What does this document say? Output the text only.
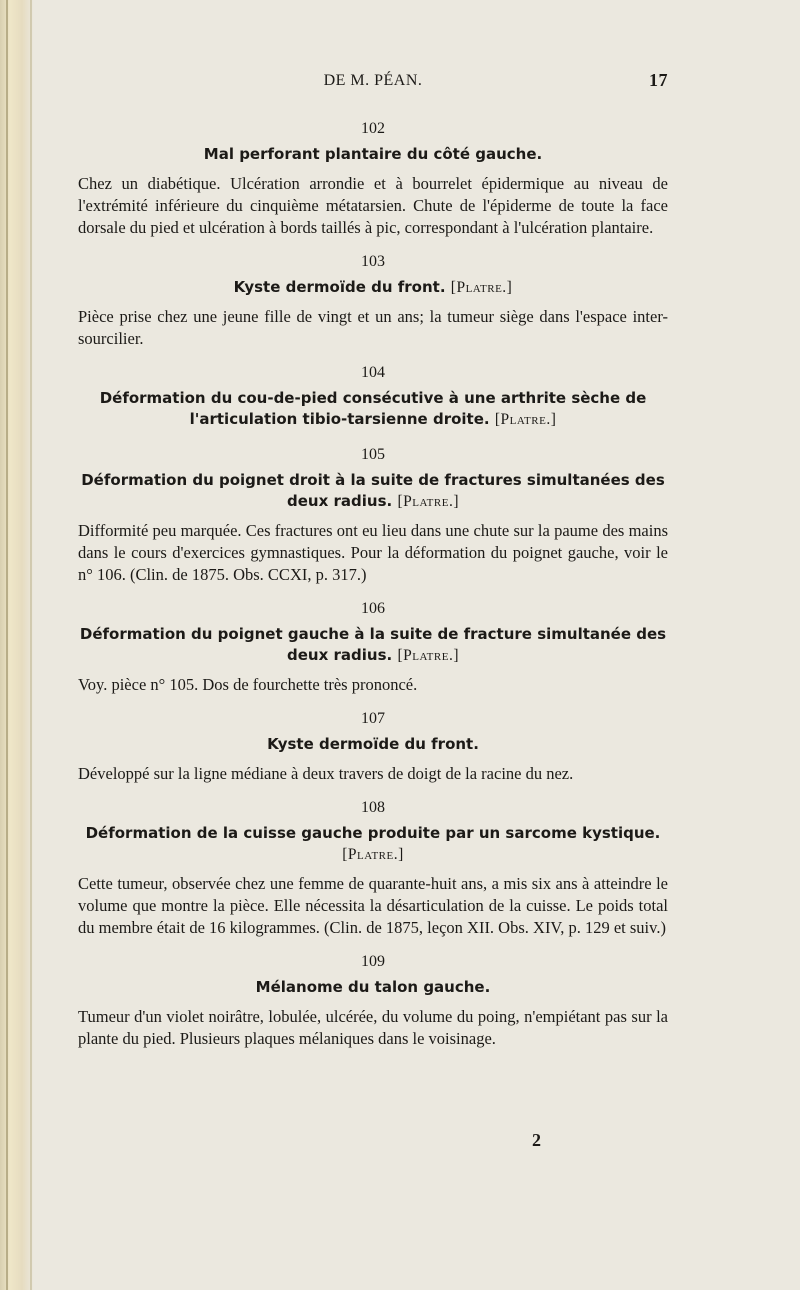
DE M. PÉAN.	17
102
Mal perforant plantaire du côté gauche.
Chez un diabétique. Ulcération arrondie et à bourrelet épidermique au niveau de l'extrémité inférieure du cinquième métatarsien. Chute de l'épiderme de toute la face dorsale du pied et ulcération à bords taillés à pic, correspondant à l'ulcération plantaire.
103
Kyste dermoïde du front. [Platre.]
Pièce prise chez une jeune fille de vingt et un ans; la tumeur siège dans l'espace inter-sourcilier.
104
Déformation du cou-de-pied consécutive à une arthrite sèche de l'articulation tibio-tarsienne droite. [Platre.]
105
Déformation du poignet droit à la suite de fractures simultanées des deux radius. [Platre.]
Difformité peu marquée. Ces fractures ont eu lieu dans une chute sur la paume des mains dans le cours d'exercices gymnastiques. Pour la déformation du poignet gauche, voir le n° 106. (Clin. de 1875. Obs. CCXI, p. 317.)
106
Déformation du poignet gauche à la suite de fracture simultanée des deux radius. [Platre.]
Voy. pièce n° 105. Dos de fourchette très prononcé.
107
Kyste dermoïde du front.
Développé sur la ligne médiane à deux travers de doigt de la racine du nez.
108
Déformation de la cuisse gauche produite par un sarcome kystique. [Platre.]
Cette tumeur, observée chez une femme de quarante-huit ans, a mis six ans à atteindre le volume que montre la pièce. Elle nécessita la désarticulation de la cuisse. Le poids total du membre était de 16 kilogrammes. (Clin. de 1875, leçon XII. Obs. XIV, p. 129 et suiv.)
109
Mélanome du talon gauche.
Tumeur d'un violet noirâtre, lobulée, ulcérée, du volume du poing, n'empiétant pas sur la plante du pied. Plusieurs plaques mélaniques dans le voisinage.
2
